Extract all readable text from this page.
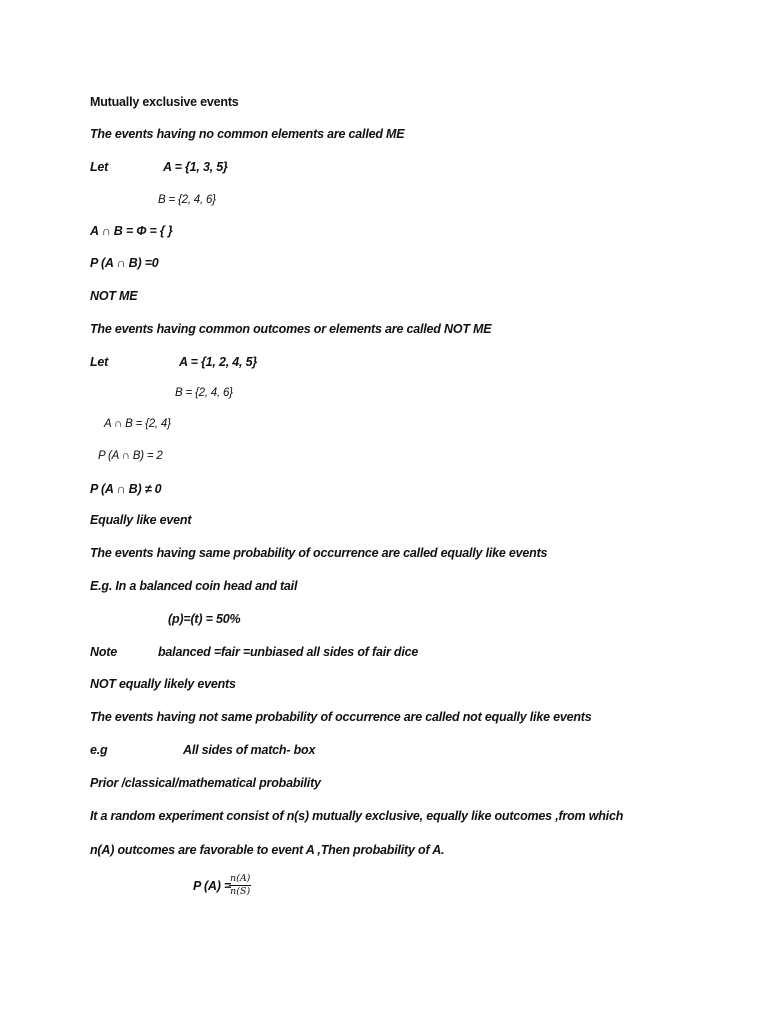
Mutually exclusive events
The events having no common elements are called ME
Let	A = {1, 3, 5}
B = {2, 4, 6}
A ∩ B = Φ = { }
P (A ∩ B) =0
NOT ME
The events having common outcomes or elements are called NOT ME
Let	A = {1, 2, 4, 5}
B = {2, 4, 6}
A ∩ B = {2, 4}
P (A ∩ B) = 2
P (A ∩ B) ≠ 0
Equally like event
The events having same probability of occurrence are called equally like events
E.g. In a balanced coin head and tail
(p)=(t) = 50%
Note	balanced =fair =unbiased all sides of fair dice
NOT equally likely events
The events having not same probability of occurrence are called not equally like events
e.g	All sides of match- box
Prior /classical/mathematical probability
It a random experiment consist of n(s) mutually exclusive, equally like outcomes ,from which
n(A) outcomes are favorable to event A ,Then probability of A.
P (A) =
$\frac{n(A)}{n(S)}$
